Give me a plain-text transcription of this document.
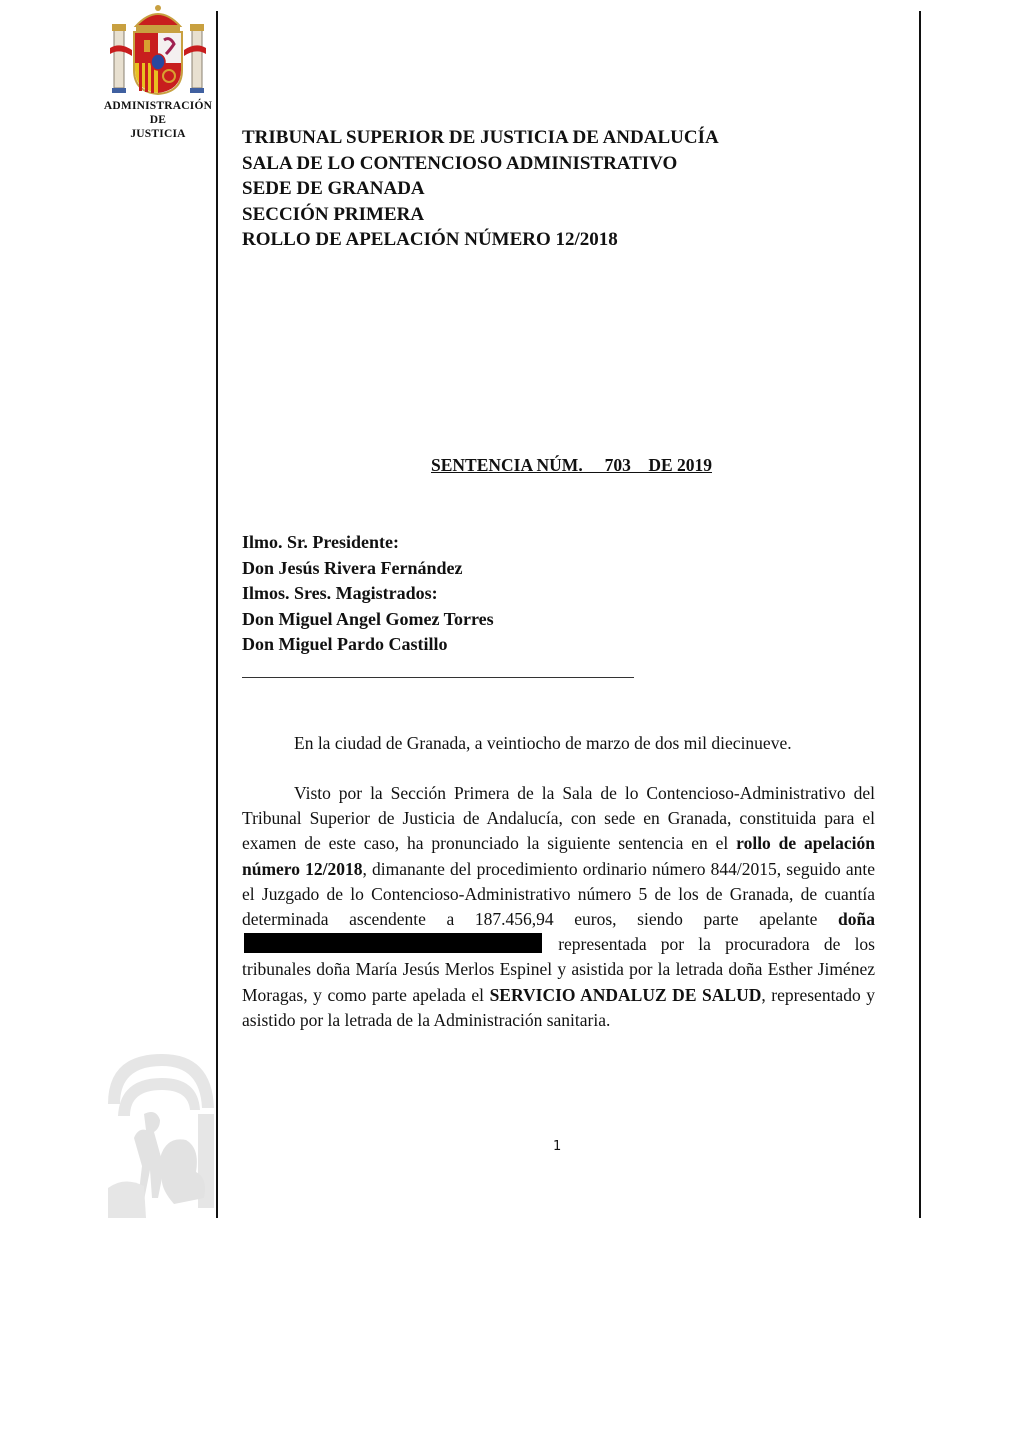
ADMINISTRACIÓN
DE
JUSTICIA	TRIBUNAL SUPERIOR DE JUSTICIA DE ANDALUCÍA
SALA DE LO CONTENCIOSO ADMINISTRATIVO
SEDE DE GRANADA
SECCIÓN PRIMERA
ROLLO DE APELACIÓN NÚMERO 12/2018
SENTENCIA NÚM.     703    DE 2019
Ilmo. Sr. Presidente:
Don Jesús Rivera Fernández
Ilmos. Sres. Magistrados:
Don Miguel Angel Gomez Torres
Don Miguel Pardo Castillo
En la ciudad de Granada, a veintiocho de marzo de dos mil diecinueve.
Visto por la Sección Primera de la Sala de lo Contencioso-Administrativo del Tribunal Superior de Justicia de Andalucía, con sede en Granada, constituida para el examen de este caso, ha pronunciado la siguiente sentencia en el rollo de apelación número 12/2018, dimanante del procedimiento ordinario número 844/2015, seguido ante el Juzgado de lo Contencioso-Administrativo número 5 de los de Granada, de cuantía determinada ascendente a 187.456,94 euros, siendo parte apelante doña representada por la procuradora de los tribunales doña María Jesús Merlos Espinel y asistida por la letrada doña Esther Jiménez Moragas, y como parte apelada el SERVICIO ANDALUZ DE SALUD, representado y asistido por la letrada de la Administración sanitaria.
1
